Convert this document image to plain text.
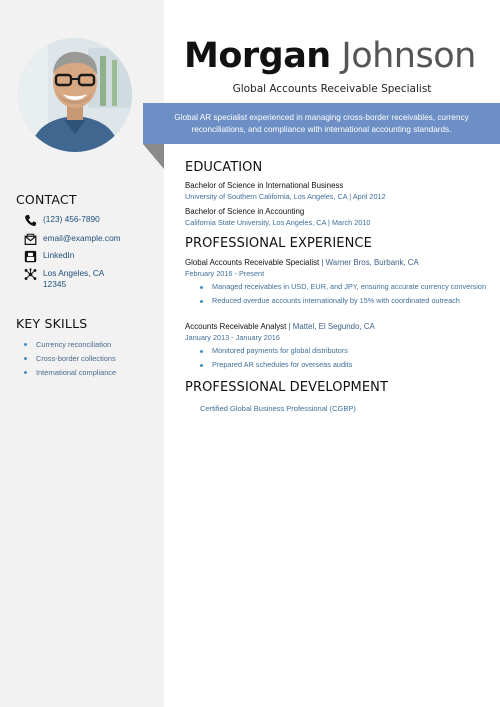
CONTACT
(123) 456-7890
email@example.com
LinkedIn
Los Angeles, CA 12345
KEY SKILLS
Currency reconciliation
Cross-border collections
International compliance
Morgan Johnson
Global Accounts Receivable Specialist
Global AR specialist experienced in managing cross-border receivables, currency reconciliations, and compliance with international accounting standards.
EDUCATION
Bachelor of Science in International Business
University of Southern California, Los Angeles, CA | April 2012
Bachelor of Science in Accounting
California State University, Los Angeles, CA | March 2010
PROFESSIONAL EXPERIENCE
Global Accounts Receivable Specialist | Warner Bros, Burbank, CA
February 2016 - Present
Managed receivables in USD, EUR, and JPY, ensuring accurate currency conversion
Reduced overdue accounts internationally by 15% with coordinated outreach
Accounts Receivable Analyst | Mattel, El Segundo, CA
January 2013 - January 2016
Monitored payments for global distributors
Prepared AR schedules for overseas audits
PROFESSIONAL DEVELOPMENT
Certified Global Business Professional (CGBP)
